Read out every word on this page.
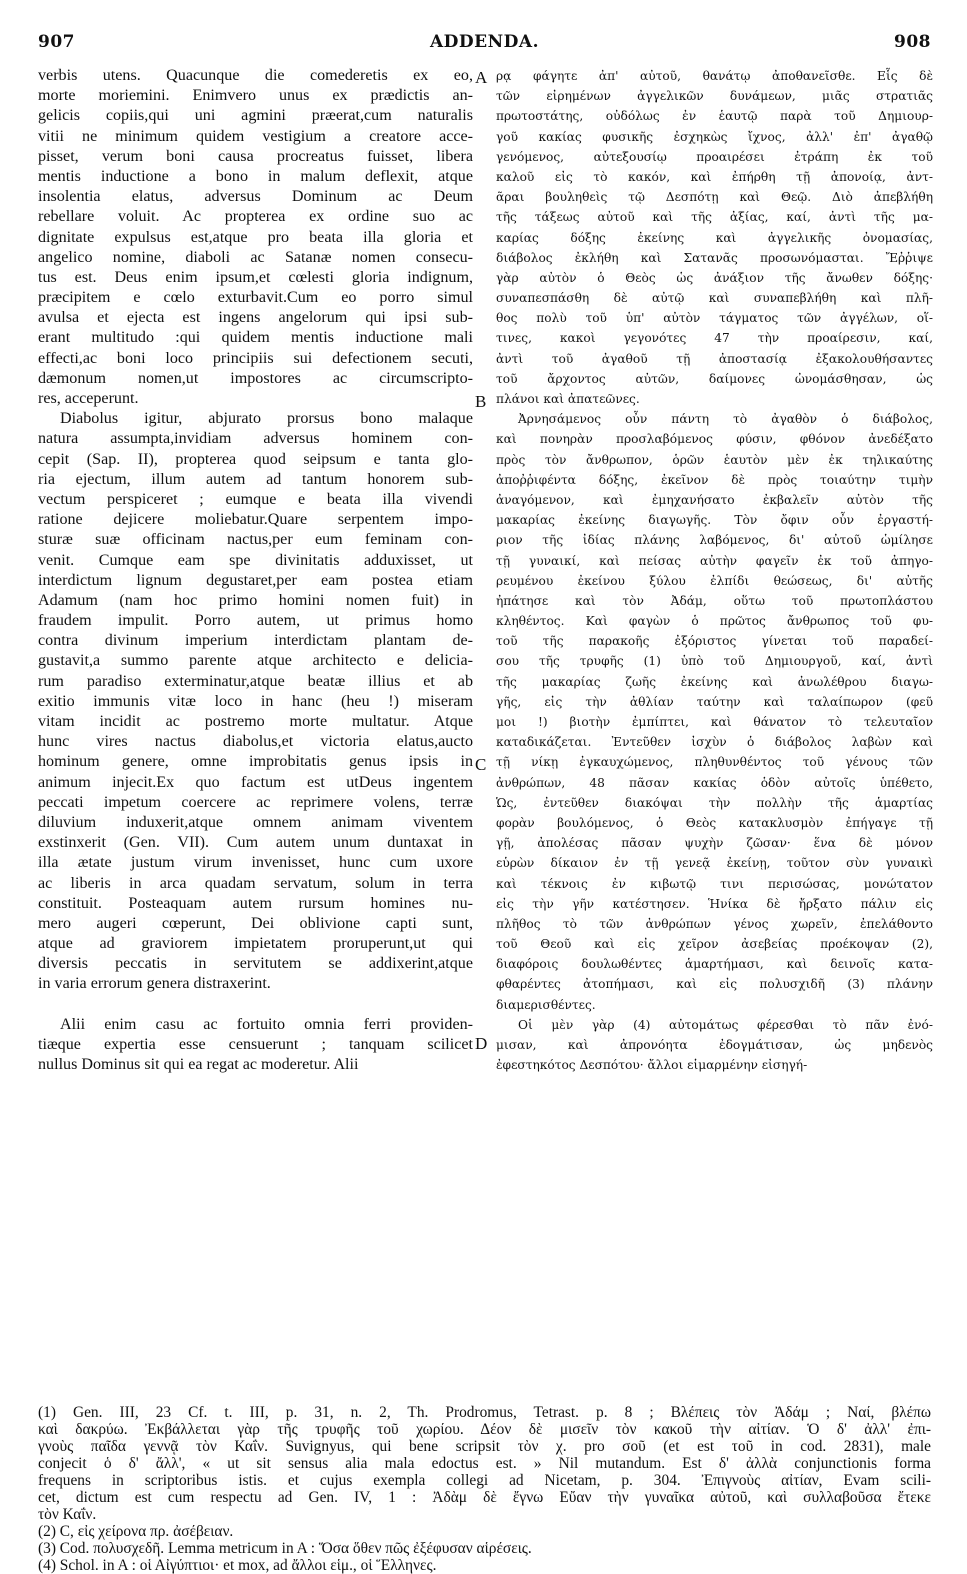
907	ADDENDA.	908
verbis utens. Quacunque die comederetis ex eo,
morte moriemini. Enimvero unus ex prædictis an-
gelicis copiis,qui uni agmini præerat,cum naturalis
vitii ne minimum quidem vestigium a creatore acce-
pisset, verum boni causa procreatus fuisset, libera
mentis inductione a bono in malum deflexit, atque
insolentia elatus, adversus Dominum ac Deum
rebellare voluit. Ac propterea ex ordine suo ac
dignitate expulsus est,atque pro beata illa gloria et
angelico nomine, diaboli ac Satanæ nomen consecu-
tus est. Deus enim ipsum,et cœlesti gloria indignum,
præcipitem e cœlo exturbavit.Cum eo porro simul
avulsa et ejecta est ingens angelorum qui ipsi sub-
erant multitudo :qui quidem mentis inductione mali
effecti,ac boni loco principiis sui defectionem secuti,
dæmonum nomen,ut impostores ac circumscripto-
res, acceperunt.
Diabolus igitur, abjurato prorsus bono malaque
natura assumpta,invidiam adversus hominem con-
cepit (Sap. II), propterea quod seipsum e tanta glo-
ria ejectum, illum autem ad tantum honorem sub-
vectum perspiceret ; eumque e beata illa vivendi
ratione dejicere moliebatur.Quare serpentem impo-
sturæ suæ officinam nactus,per eum feminam con-
venit. Cumque eam spe divinitatis adduxisset, ut
interdictum lignum degustaret,per eam postea etiam
Adamum (nam hoc primo homini nomen fuit) in
fraudem impulit. Porro autem, ut primus homo
contra divinum imperium interdictam plantam de-
gustavit,a summo parente atque architecto e delicia-
rum paradiso exterminatur,atque beatæ illius et ab
exitio immunis vitæ loco in hanc (heu !) miseram
vitam incidit ac postremo morte multatur. Atque
hunc vires nactus diabolus,et victoria elatus,aucto
hominum genere, omne improbitatis genus ipsis in
animum injecit.Ex quo factum est utDeus ingentem
peccati impetum coercere ac reprimere volens, terræ
diluvium induxerit,atque omnem animam viventem
exstinxerit (Gen. VII). Cum autem unum duntaxat in
illa ætate justum virum invenisset, hunc cum uxore
ac liberis in arca quadam servatum, solum in terra
constituit. Posteaquam autem rursum homines nu-
mero augeri cœperunt, Dei oblivione capti sunt,
atque ad graviorem impietatem proruperunt,ut qui
diversis peccatis in servitutem se addixerint,atque
in varia errorum genera distraxerint.
Alii enim casu ac fortuito omnia ferri providen-
tiæque expertia esse censuerunt ; tanquam scilicet
nullus Dominus sit qui ea regat ac moderetur. Alii
ρᾳ φάγητε ἀπ' αὐτοῦ, θανάτῳ ἀποθανεῖσθε. Εἷς δὲ
τῶν εἰρημένων ἀγγελικῶν δυνάμεων, μιᾶς στρατιᾶς
πρωτοστάτης, οὐδόλως ἐν ἑαυτῷ παρὰ τοῦ Δημιουρ-
γοῦ κακίας φυσικῆς ἐσχηκὼς ἴχνος, ἀλλ' ἐπ' ἀγαθῷ
γενόμενος, αὐτεξουσίῳ προαιρέσει ἐτράπη ἐκ τοῦ
καλοῦ εἰς τὸ κακόν, καὶ ἐπήρθη τῇ ἀπονοίᾳ, ἀντ-
ᾶραι βουληθεὶς τῷ Δεσπότῃ καὶ Θεῷ. Διὸ ἀπεβλήθη
τῆς τάξεως αὐτοῦ καὶ τῆς ἀξίας, καί, ἀντὶ τῆς μα-
καρίας δόξης ἐκείνης καὶ ἀγγελικῆς ὀνομασίας,
διάβολος ἐκλήθη καὶ Σατανᾶς προσωνόμασται. Ἔῤῥιψε
γὰρ αὐτὸν ὁ Θεὸς ὡς ἀνάξιον τῆς ἄνωθεν δόξης·
συναπεσπάσθη δὲ αὐτῷ καὶ συναπεβλήθη καὶ πλῆ-
θος πολὺ τοῦ ὑπ' αὐτὸν τάγματος τῶν ἀγγέλων, οἵ-
τινες, κακοὶ γεγονότες 47 τὴν προαίρεσιν, καί,
ἀντὶ τοῦ ἀγαθοῦ τῇ ἀποστασίᾳ ἐξακολουθήσαντες
τοῦ ἄρχοντος αὐτῶν, δαίμονες ὠνομάσθησαν, ὡς
πλάνοι καὶ ἀπατεῶνες.
Ἀρνησάμενος οὖν πάντη τὸ ἀγαθὸν ὁ διάβολος,
καὶ πονηρὰν προσλαβόμενος φύσιν, φθόνον ἀνεδέξατο
πρὸς τὸν ἄνθρωπον, ὁρῶν ἑαυτὸν μὲν ἐκ τηλικαύτης
ἀποῤῥιφέντα δόξης, ἐκεῖνον δὲ πρὸς τοιαύτην τιμὴν
ἀναγόμενον, καὶ ἐμηχανήσατο ἐκβαλεῖν αὐτὸν τῆς
μακαρίας ἐκείνης διαγωγῆς. Τὸν ὄφιν οὖν ἐργαστή-
ριον τῆς ἰδίας πλάνης λαβόμενος, δι' αὐτοῦ ὡμίλησε
τῇ γυναικί, καὶ πείσας αὐτὴν φαγεῖν ἐκ τοῦ ἀπηγο-
ρευμένου ἐκείνου ξύλου ἐλπίδι θεώσεως, δι' αὐτῆς
ἠπάτησε καὶ τὸν Ἀδάμ, οὕτω τοῦ πρωτοπλάστου
κληθέντος. Καὶ φαγὼν ὁ πρῶτος ἄνθρωπος τοῦ φυ-
τοῦ τῆς παρακοῆς ἐξόριστος γίνεται τοῦ παραδεί-
σου τῆς τρυφῆς (1) ὑπὸ τοῦ Δημιουργοῦ, καί, ἀντὶ
τῆς μακαρίας ζωῆς ἐκείνης καὶ ἀνωλέθρου διαγω-
γῆς, εἰς τὴν ἀθλίαν ταύτην καὶ ταλαίπωρον (φεῦ
μοι !) βιοτὴν ἐμπίπτει, καὶ θάνατον τὸ τελευταῖον
καταδικάζεται. Ἐντεῦθεν ἰσχὺν ὁ διάβολος λαβὼν καὶ
τῇ νίκῃ ἐγκαυχώμενος, πληθυνθέντος τοῦ γένους τῶν
ἀνθρώπων, 48 πᾶσαν κακίας ὁδὸν αὐτοῖς ὑπέθετο,
Ὡς, ἐντεῦθεν διακόψαι τὴν πολλὴν τῆς ἁμαρτίας
φορὰν βουλόμενος, ὁ Θεὸς κατακλυσμὸν ἐπήγαγε τῇ
γῇ, ἀπολέσας πᾶσαν ψυχὴν ζῶσαν· ἕνα δὲ μόνον
εὑρὼν δίκαιον ἐν τῇ γενεᾷ ἐκείνῃ, τοῦτον σὺν γυναικὶ
καὶ τέκνοις ἐν κιβωτῷ τινι περισώσας, μονώτατον
εἰς τὴν γῆν κατέστησεν. Ἡνίκα δὲ ἤρξατο πάλιν εἰς
πλῆθος τὸ τῶν ἀνθρώπων γένος χωρεῖν, ἐπελάθοντο
τοῦ Θεοῦ καὶ εἰς χεῖρον ἀσεβείας προέκοψαν (2),
διαφόροις δουλωθέντες ἁμαρτήμασι, καὶ δεινοῖς κατα-
φθαρέντες ἀτοπήμασι, καὶ εἰς πολυσχιδῆ (3) πλάνην
διαμερισθέντες.
Οἱ μὲν γὰρ (4) αὐτομάτως φέρεσθαι τὸ πᾶν ἐνό-
μισαν, καὶ ἀπρονόητα ἐδογμάτισαν, ὡς μηδενὸς
ἐφεστηκότος Δεσπότου· ἄλλοι εἱμαρμένην εἰσηγή-
A
B
C
D
(1) Gen. III, 23 Cf. t. III, p. 31, n. 2, Th. Prodromus, Tetrast. p. 8 ; Βλέπεις τὸν Ἀδάμ ; Ναί, βλέπω
καὶ δακρύω. Ἐκβάλλεται γὰρ τῆς τρυφῆς τοῦ χωρίου. Δέον δὲ μισεῖν τὸν κακοῦ τὴν αἰτίαν. Ὁ δ' ἀλλ' ἐπι-
γνοὺς παῖδα γεννᾷ τὸν Καΐν. Suvignyus, qui bene scripsit τὸν χ. pro σοῦ (et est τοῦ in cod. 2831), male
conjecit ὁ δ' ἄλλ', « ut sit sensus alia mala edoctus est. » Nil mutandum. Est δ' ἀλλὰ conjunctionis forma
frequens in scriptoribus istis. et cujus exempla collegi ad Nicetam, p. 304. Ἐπιγνοὺς αἰτίαν, Evam scili-
cet, dictum est cum respectu ad Gen. IV, 1 : Ἀδὰμ δὲ ἔγνω Εὔαν τὴν γυναῖκα αὐτοῦ, καὶ συλλαβοῦσα ἔτεκε
τὸν Καΐν.
(2) C, εἰς χείρονα πρ. ἀσέβειαν.
(3) Cod. πολυσχεδῆ. Lemma metricum in A : Ὅσα ὅθεν πῶς ἐξέφυσαν αἱρέσεις.
(4) Schol. in A : οἱ Αἰγύπτιοι· et mox, ad ἄλλοι εἱμ., οἱ Ἕλληνες.
